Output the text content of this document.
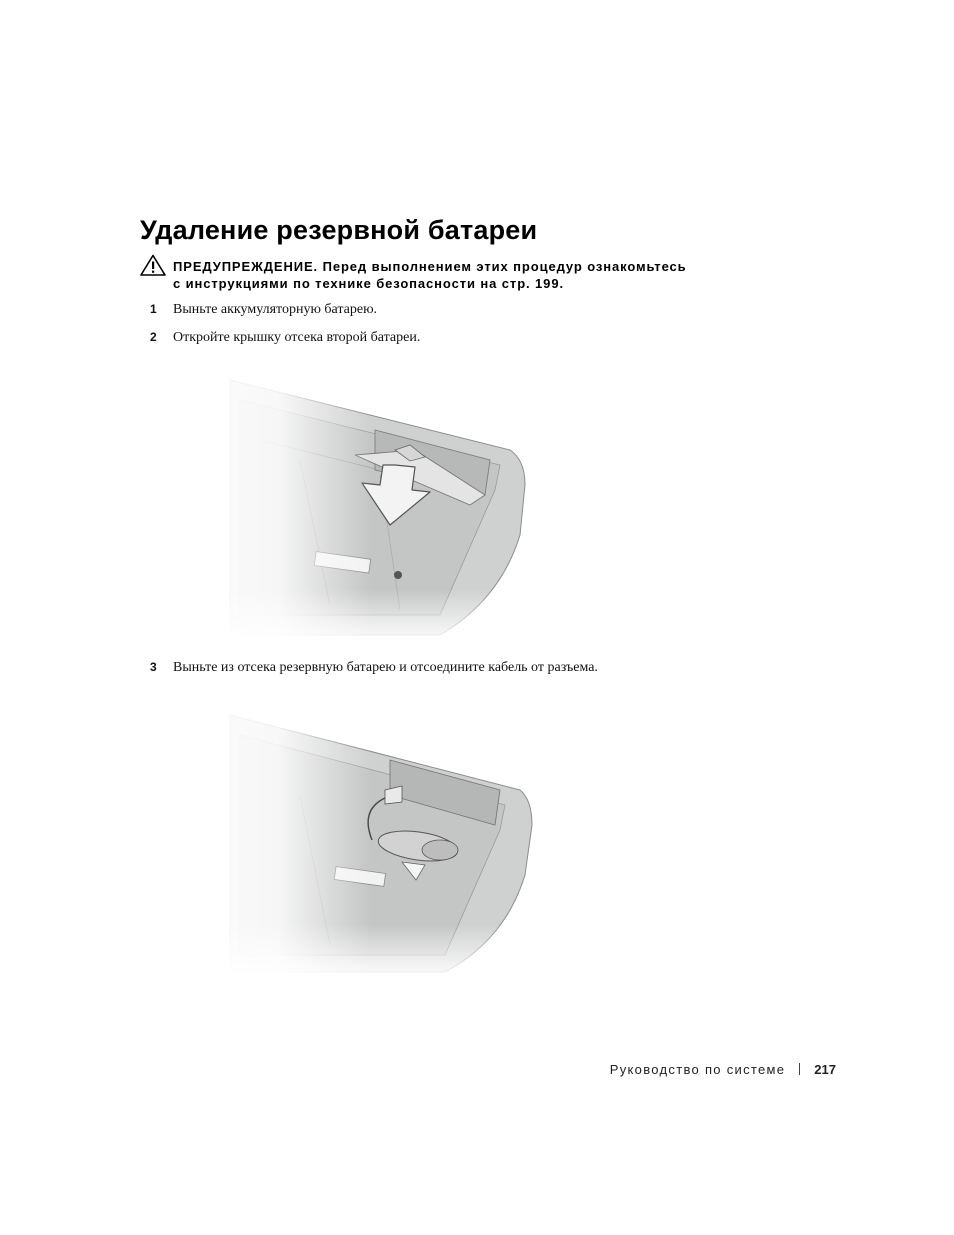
Удаление резервной батареи
ПРЕДУПРЕЖДЕНИЕ. Перед выполнением этих процедур ознакомьтесь
с инструкциями по технике безопасности на стр. 199.
1 Выньте аккумуляторную батарею.
2 Откройте крышку отсека второй батареи.
3 Выньте из отсека резервную батарею и отсоедините кабель от разъема.
Руководство по системе 217
